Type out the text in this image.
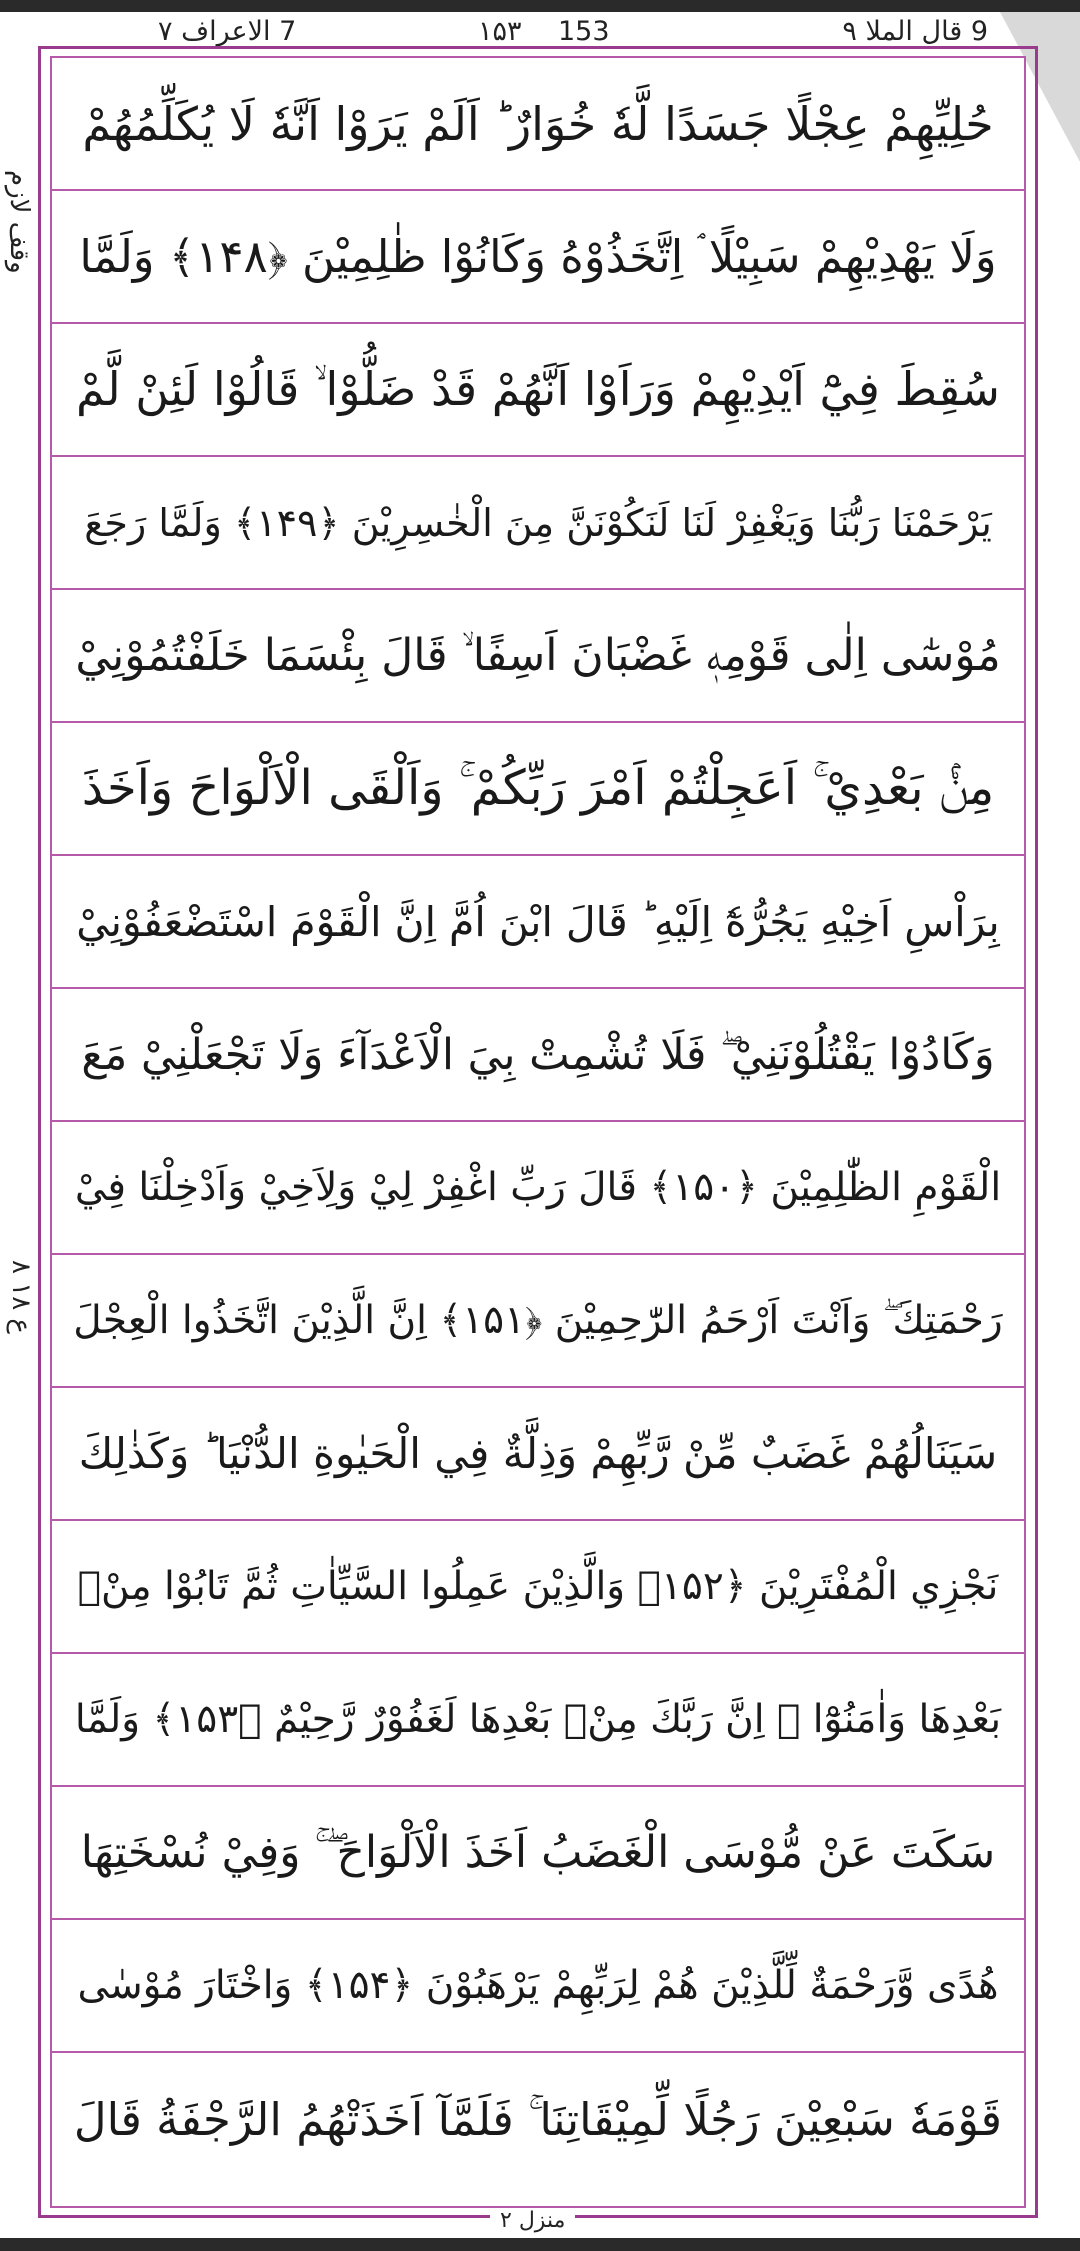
9 قال الملا ۹
۱۵۳ 153
7 الاعراف ۷
وقف لازم
ع ۱۸ ۸
حُلِيِّهِمْ عِجْلًا جَسَدًا لَّهٗ خُوَارٌ ؕ اَلَمْ يَرَوْا اَنَّهٗ لَا يُكَلِّمُهُمْ
وَلَا يَهْدِيْهِمْ سَبِيْلًا ۘ اِتَّخَذُوْهُ وَكَانُوْا ظٰلِمِيْنَ ﴿۱۴۸﴾ وَلَمَّا
سُقِطَ فِيْٓ اَيْدِيْهِمْ وَرَاَوْا اَنَّهُمْ قَدْ ضَلُّوْا ۙ قَالُوْا لَئِنْ لَّمْ
يَرْحَمْنَا رَبُّنَا وَيَغْفِرْ لَنَا لَنَكُوْنَنَّ مِنَ الْخٰسِرِيْنَ ﴿۱۴۹﴾ وَلَمَّا رَجَعَ
مُوْسٰٓى اِلٰى قَوْمِهٖ غَضْبَانَ اَسِفًا ۙ قَالَ بِئْسَمَا خَلَفْتُمُوْنِيْ
مِنْۢ بَعْدِيْ ۚ اَعَجِلْتُمْ اَمْرَ رَبِّكُمْ ۚ وَاَلْقَى الْاَلْوَاحَ وَاَخَذَ
بِرَاْسِ اَخِيْهِ يَجُرُّهٗٓ اِلَيْهِ ؕ قَالَ ابْنَ اُمَّ اِنَّ الْقَوْمَ اسْتَضْعَفُوْنِيْ
وَكَادُوْا يَقْتُلُوْنَنِيْ ۖ فَلَا تُشْمِتْ بِيَ الْاَعْدَآءَ وَلَا تَجْعَلْنِيْ مَعَ
الْقَوْمِ الظّٰلِمِيْنَ ﴿۱۵۰﴾ قَالَ رَبِّ اغْفِرْ لِيْ وَلِاَخِيْ وَاَدْخِلْنَا فِيْ
رَحْمَتِكَ ۖ وَاَنْتَ اَرْحَمُ الرّٰحِمِيْنَ ﴿۱۵۱﴾ اِنَّ الَّذِيْنَ اتَّخَذُوا الْعِجْلَ
سَيَنَالُهُمْ غَضَبٌ مِّنْ رَّبِّهِمْ وَذِلَّةٌ فِي الْحَيٰوةِ الدُّنْيَا ؕ وَكَذٰلِكَ
نَجْزِي الْمُفْتَرِيْنَ ﴿۱۵۲﴾ وَالَّذِيْنَ عَمِلُوا السَّيِّاٰتِ ثُمَّ تَابُوْا مِنْۢ
بَعْدِهَا وَاٰمَنُوْٓا ۫ اِنَّ رَبَّكَ مِنْۢ بَعْدِهَا لَغَفُوْرٌ رَّحِيْمٌ ﴿۱۵۳﴾ وَلَمَّا
سَكَتَ عَنْ مُّوْسَى الْغَضَبُ اَخَذَ الْاَلْوَاحَ ۖ ۚ وَفِيْ نُسْخَتِهَا
هُدًى وَّرَحْمَةٌ لِّلَّذِيْنَ هُمْ لِرَبِّهِمْ يَرْهَبُوْنَ ﴿۱۵۴﴾ وَاخْتَارَ مُوْسٰى
قَوْمَهٗ سَبْعِيْنَ رَجُلًا لِّمِيْقَاتِنَا ۚ فَلَمَّآ اَخَذَتْهُمُ الرَّجْفَةُ قَالَ
منزل ۲
